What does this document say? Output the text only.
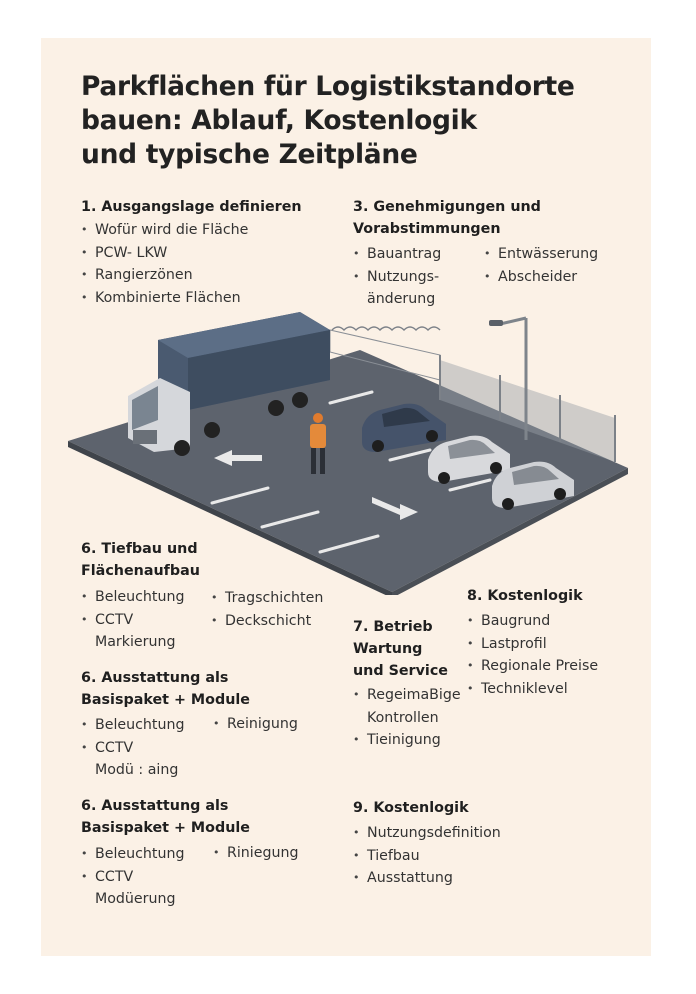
Parkflächen für Logistikstandorte
bauen: Ablauf, Kostenlogik
und typische Zeitpläne
1. Ausgangslage definieren
• Wofür wird die Fläche
• PCW- LKW
• Rangierzönen
• Kombinierte Flächen
3. Genehmigungen und
Vorabstimmungen
• Bauantrag
• Nutzungs-
änderung
• Entwässerung
• Abscheider
6. Tiefbau und
Flächenaufbau
• Beleuchtung
• CCTV
Markierung
• Tragschichten
• Deckschicht
6. Ausstattung als
Basispaket + Module
• Beleuchtung
• CCTV
Modü : aing
• Reinigung
6. Ausstattung als
Basispaket + Module
• Beleuchtung
• CCTV
Modüerung
• Riniegung
7. Betrieb
Wartung
und Service
• RegeimaBige
Kontrollen
• Tieinigung
8. Kostenlogik
• Baugrund
• Lastprofil
• Regionale Preise
• Techniklevel
9. Kostenlogik
• Nutzungsdefinition
• Tiefbau
• Ausstattung
